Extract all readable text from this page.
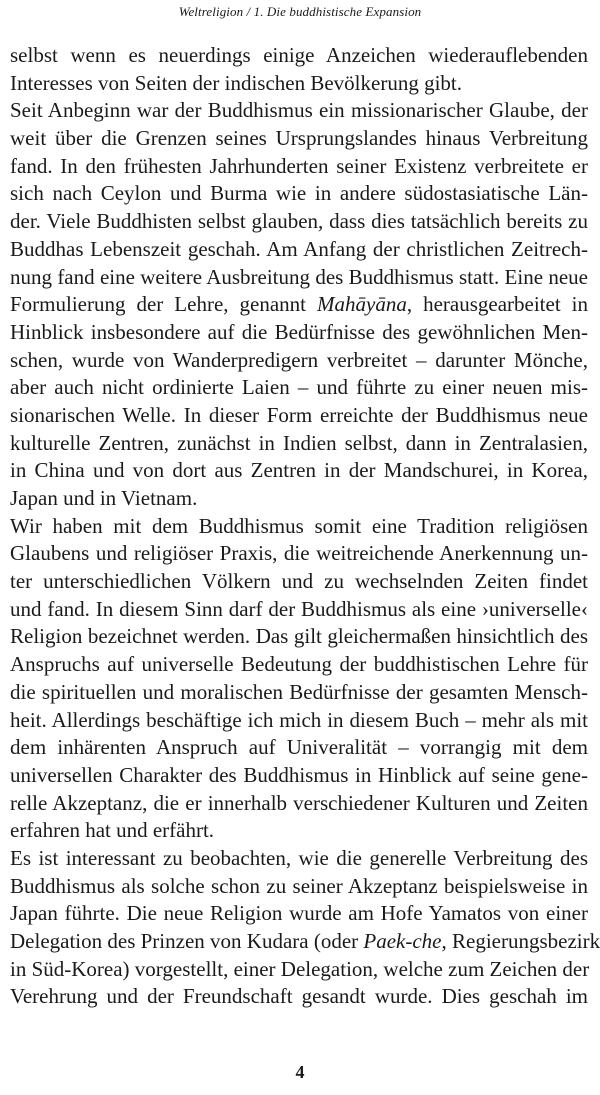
Weltreligion / 1. Die buddhistische Expansion
selbst wenn es neuerdings einige Anzeichen wiederauflebenden
Interesses von Seiten der indischen Bevölkerung gibt.
Seit Anbeginn war der Buddhismus ein missionarischer Glaube, der
weit über die Grenzen seines Ursprungslandes hinaus Verbreitung
fand. In den frühesten Jahrhunderten seiner Existenz verbreitete er
sich nach Ceylon und Burma wie in andere südostasiatische Län-
der. Viele Buddhisten selbst glauben, dass dies tatsächlich bereits zu
Buddhas Lebenszeit geschah. Am Anfang der christlichen Zeitrech-
nung fand eine weitere Ausbreitung des Buddhismus statt. Eine neue
Formulierung der Lehre, genannt Mahāyāna, herausgearbeitet in
Hinblick insbesondere auf die Bedürfnisse des gewöhnlichen Men-
schen, wurde von Wanderpredigern verbreitet – darunter Mönche,
aber auch nicht ordinierte Laien – und führte zu einer neuen mis-
sionarischen Welle. In dieser Form erreichte der Buddhismus neue
kulturelle Zentren, zunächst in Indien selbst, dann in Zentralasien,
in China und von dort aus Zentren in der Mandschurei, in Korea,
Japan und in Vietnam.
Wir haben mit dem Buddhismus somit eine Tradition religiösen
Glaubens und religiöser Praxis, die weitreichende Anerkennung un-
ter unterschiedlichen Völkern und zu wechselnden Zeiten findet
und fand. In diesem Sinn darf der Buddhismus als eine ›universelle‹
Religion bezeichnet werden. Das gilt gleichermaßen hinsichtlich des
Anspruchs auf universelle Bedeutung der buddhistischen Lehre für
die spirituellen und moralischen Bedürfnisse der gesamten Mensch-
heit. Allerdings beschäftige ich mich in diesem Buch – mehr als mit
dem inhärenten Anspruch auf Univeralität – vorrangig mit dem
universellen Charakter des Buddhismus in Hinblick auf seine gene-
relle Akzeptanz, die er innerhalb verschiedener Kulturen und Zeiten
erfahren hat und erfährt.
Es ist interessant zu beobachten, wie die generelle Verbreitung des
Buddhismus als solche schon zu seiner Akzeptanz beispielsweise in
Japan führte. Die neue Religion wurde am Hofe Yamatos von einer
Delegation des Prinzen von Kudara (oder Paek-che, Regierungsbezirk
in Süd-Korea) vorgestellt, einer Delegation, welche zum Zeichen der
Verehrung und der Freundschaft gesandt wurde. Dies geschah im
4
